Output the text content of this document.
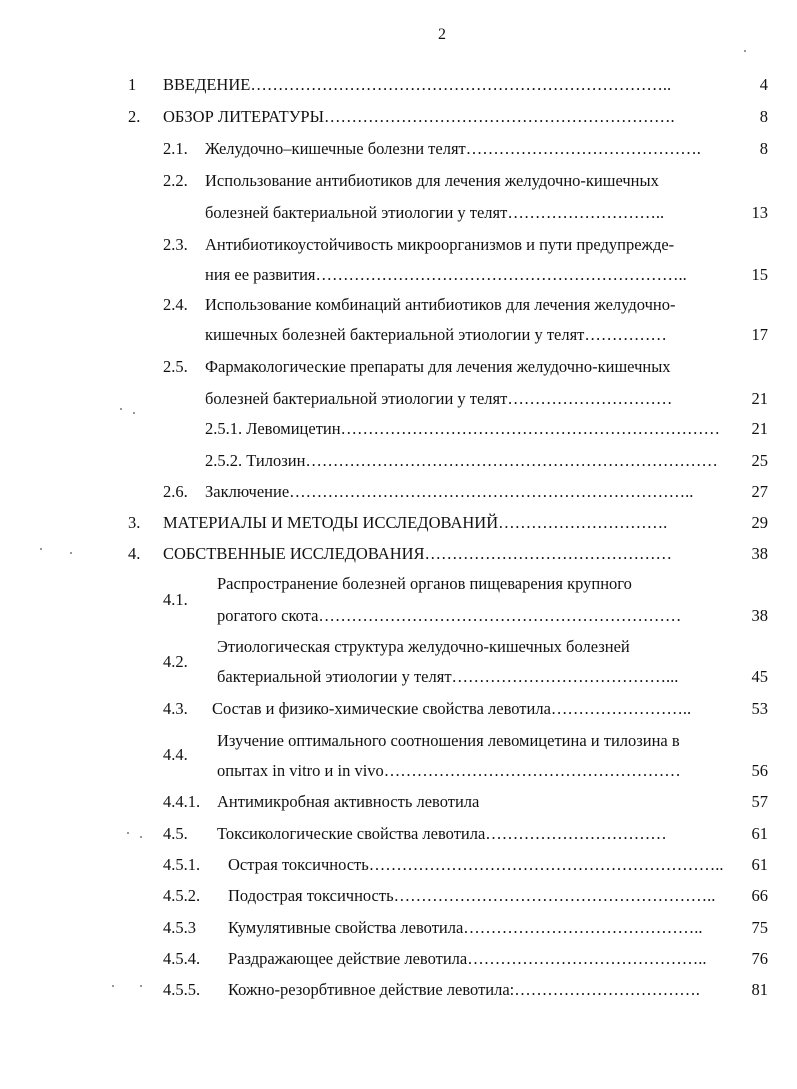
2
1 ВВЕДЕНИЕ…………………………………………………………………..	4
2. ОБЗОР ЛИТЕРАТУРЫ……………………………………………………….	8
2.1. Желудочно–кишечные болезни телят…………………………………….	8
2.2. Использование антибиотиков для лечения желудочно-кишечных
болезней бактериальной этиологии у телят………………………..	13
2.3. Антибиотикоустойчивость микроорганизмов и пути предупрежде-
ния ее развития…………………………………………………………..	15
2.4. Использование комбинаций антибиотиков для лечения желудочно-
кишечных болезней бактериальной этиологии у телят……………	17
2.5. Фармакологические препараты для лечения желудочно-кишечных
болезней бактериальной этиологии у телят…………………………	21
2.5.1. Левомицетин……………………………………………………………	21
2.5.2. Тилозин…………………………………………………………………	25
2.6. Заключение………………………………………………………………..	27
3. МАТЕРИАЛЫ И МЕТОДЫ ИССЛЕДОВАНИЙ………………………….	29
4. СОБСТВЕННЫЕ ИССЛЕДОВАНИЯ………………………………………	38
4.1.
Распространение болезней органов пищеварения крупного
рогатого скота…………………………………………………………	38
4.2.
Этиологическая структура желудочно-кишечных болезней
бактериальной этиологии у телят…………………………………...	45
4.3. Состав и физико-химические свойства левотила……………………..	53
4.4.
Изучение оптимального соотношения левомицетина и тилозина в
опытах in vitro и in vivo………………………………………………	56
4.4.1. Антимикробная активность левотила	57
4.5. Токсикологические свойства левотила……………………………	61
4.5.1. Острая токсичность………………………………………………………..	61
4.5.2. Подострая токсичность…………………………………………………..	66
4.5.3 Кумулятивные свойства левотила……………………………………..	75
4.5.4. Раздражающее действие левотила……………………………………..	76
4.5.5. Кожно-резорбтивное действие левотила:…………………………….	81
